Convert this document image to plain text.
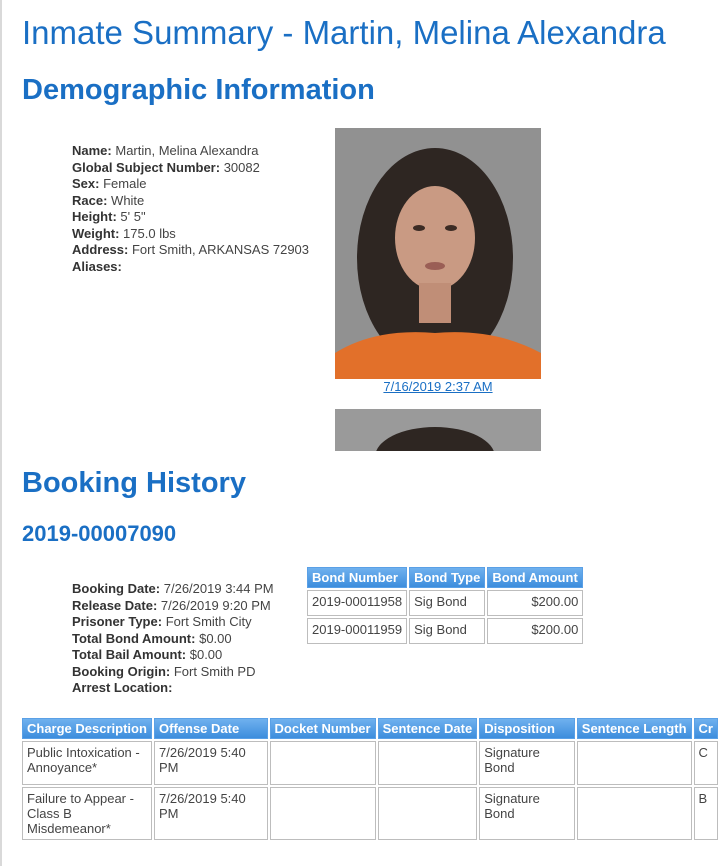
Inmate Summary - Martin, Melina Alexandra
Demographic Information
Name: Martin, Melina Alexandra
Global Subject Number: 30082
Sex: Female
Race: White
Height: 5' 5"
Weight: 175.0 lbs
Address: Fort Smith, ARKANSAS 72903
Aliases:
7/16/2019 2:37 AM
Booking History
2019-00007090
Booking Date: 7/26/2019 3:44 PM
Release Date: 7/26/2019 9:20 PM
Prisoner Type: Fort Smith City
Total Bond Amount: $0.00
Total Bail Amount: $0.00
Booking Origin: Fort Smith PD
Arrest Location:
Bond Number	Bond Type	Bond Amount
2019-00011958	Sig Bond	$200.00
2019-00011959	Sig Bond	$200.00
Charge Description	Offense Date	Docket Number	Sentence Date	Disposition	Sentence Length	Cr
Public Intoxication - Annoyance*	7/26/2019 5:40 PM			Signature Bond		C
Failure to Appear - Class B Misdemeanor*	7/26/2019 5:40 PM			Signature Bond		B
